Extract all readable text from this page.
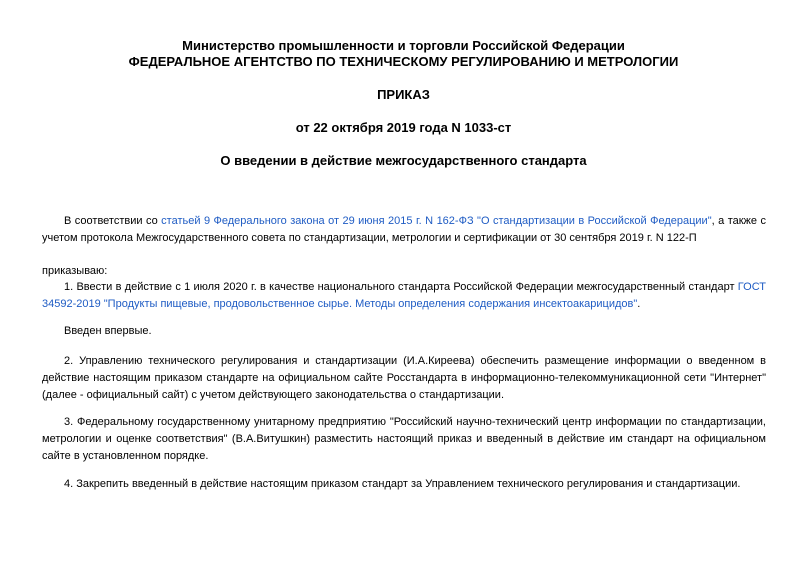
Министерство промышленности и торговли Российской Федерации
ФЕДЕРАЛЬНОЕ АГЕНТСТВО ПО ТЕХНИЧЕСКОМУ РЕГУЛИРОВАНИЮ И МЕТРОЛОГИИ
ПРИКАЗ
от 22 октября 2019 года N 1033-ст
О введении в действие межгосударственного стандарта

В соответствии со статьей 9 Федерального закона от 29 июня 2015 г. N 162-ФЗ "О стандартизации в Российской Федерации", а также с учетом протокола Межгосударственного совета по стандартизации, метрологии и сертификации от 30 сентября 2019 г. N 122-П

приказываю:

1. Ввести в действие с 1 июля 2020 г. в качестве национального стандарта Российской Федерации межгосударственный стандарт ГОСТ 34592-2019 "Продукты пищевые, продовольственное сырье. Методы определения содержания инсектоакарицидов".

Введен впервые.

2. Управлению технического регулирования и стандартизации (И.А.Киреева) обеспечить размещение информации о введенном в действие настоящим приказом стандарте на официальном сайте Росстандарта в информационно-телекоммуникационной сети "Интернет" (далее - официальный сайт) с учетом действующего законодательства о стандартизации.

3. Федеральному государственному унитарному предприятию "Российский научно-технический центр информации по стандартизации, метрологии и оценке соответствия" (В.А.Витушкин) разместить настоящий приказ и введенный в действие им стандарт на официальном сайте в установленном порядке.

4. Закрепить введенный в действие настоящим приказом стандарт за Управлением технического регулирования и стандартизации.
